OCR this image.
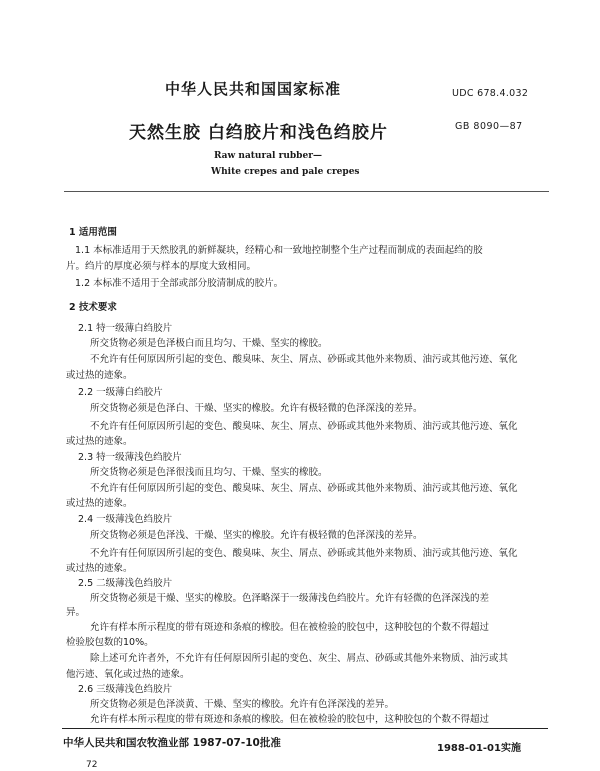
中华人民共和国国家标准	UDC 678.4.032
天然生胶 白绉胶片和浅色绉胶片	GB 8090—87
Raw natural rubber—
White crepes and pale crepes
1 适用范围
1.1 本标准适用于天然胶乳的新鲜凝块，经精心和一致地控制整个生产过程而制成的表面起绉的胶
片。绉片的厚度必须与样本的厚度大致相同。
1.2 本标准不适用于全部或部分胶清制成的胶片。
2 技术要求
2.1 特一级薄白绉胶片
所交货物必须是色泽极白而且均匀、干燥、坚实的橡胶。
不允许有任何原因所引起的变色、酸臭味、灰尘、屑点、砂砾或其他外来物质、油污或其他污迹、氧化
或过热的迹象。
2.2 一级薄白绉胶片
所交货物必须是色泽白、干燥、坚实的橡胶。允许有极轻微的色泽深浅的差异。
不允许有任何原因所引起的变色、酸臭味、灰尘、屑点、砂砾或其他外来物质、油污或其他污迹、氧化
或过热的迹象。
2.3 特一级薄浅色绉胶片
所交货物必须是色泽很浅而且均匀、干燥、坚实的橡胶。
不允许有任何原因所引起的变色、酸臭味、灰尘、屑点、砂砾或其他外来物质、油污或其他污迹、氧化
或过热的迹象。
2.4 一级薄浅色绉胶片
所交货物必须是色泽浅、干燥、坚实的橡胶。允许有极轻微的色泽深浅的差异。
不允许有任何原因所引起的变色、酸臭味、灰尘、屑点、砂砾或其他外来物质、油污或其他污迹、氧化
或过热的迹象。
2.5 二级薄浅色绉胶片
所交货物必须是干燥、坚实的橡胶。色泽略深于一级薄浅色绉胶片。允许有轻微的色泽深浅的差
异。
允许有样本所示程度的带有斑迹和条痕的橡胶。但在被检验的胶包中，这种胶包的个数不得超过
检验胶包数的10%。
除上述可允许者外，不允许有任何原因所引起的变色、灰尘、屑点、砂砾或其他外来物质、油污或其
他污迹、氧化或过热的迹象。
2.6 三级薄浅色绉胶片
所交货物必须是色泽淡黄、干燥、坚实的橡胶。允许有色泽深浅的差异。
允许有样本所示程度的带有斑迹和条痕的橡胶。但在被检验的胶包中，这种胶包的个数不得超过
中华人民共和国农牧渔业部 1987-07-10批准	1988-01-01实施
72
